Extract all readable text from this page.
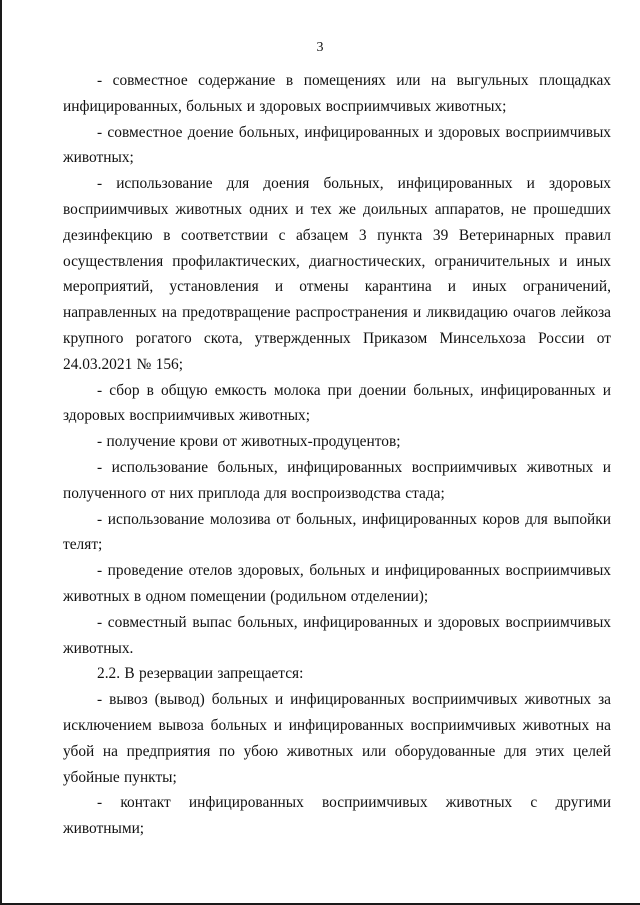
3

- совместное содержание в помещениях или на выгульных площадках инфицированных, больных и здоровых восприимчивых животных;

- совместное доение больных, инфицированных и здоровых восприимчивых животных;

- использование для доения больных, инфицированных и здоровых восприимчивых животных одних и тех же доильных аппаратов, не прошедших дезинфекцию в соответствии с абзацем 3 пункта 39 Ветеринарных правил осуществления профилактических, диагностических, ограничительных и иных мероприятий, установления и отмены карантина и иных ограничений, направленных на предотвращение распространения и ликвидацию очагов лейкоза крупного рогатого скота, утвержденных Приказом Минсельхоза России от 24.03.2021 № 156;

- сбор в общую емкость молока при доении больных, инфицированных и здоровых восприимчивых животных;

- получение крови от животных-продуцентов;

- использование больных, инфицированных восприимчивых животных и полученного от них приплода для воспроизводства стада;

- использование молозива от больных, инфицированных коров для выпойки телят;

- проведение отелов здоровых, больных и инфицированных восприимчивых животных в одном помещении (родильном отделении);

- совместный выпас больных, инфицированных и здоровых восприимчивых животных.

2.2. В резервации запрещается:

- вывоз (вывод) больных и инфицированных восприимчивых животных за исключением вывоза больных и инфицированных восприимчивых животных на убой на предприятия по убою животных или оборудованные для этих целей убойные пункты;

- контакт инфицированных восприимчивых животных с другими животными;
